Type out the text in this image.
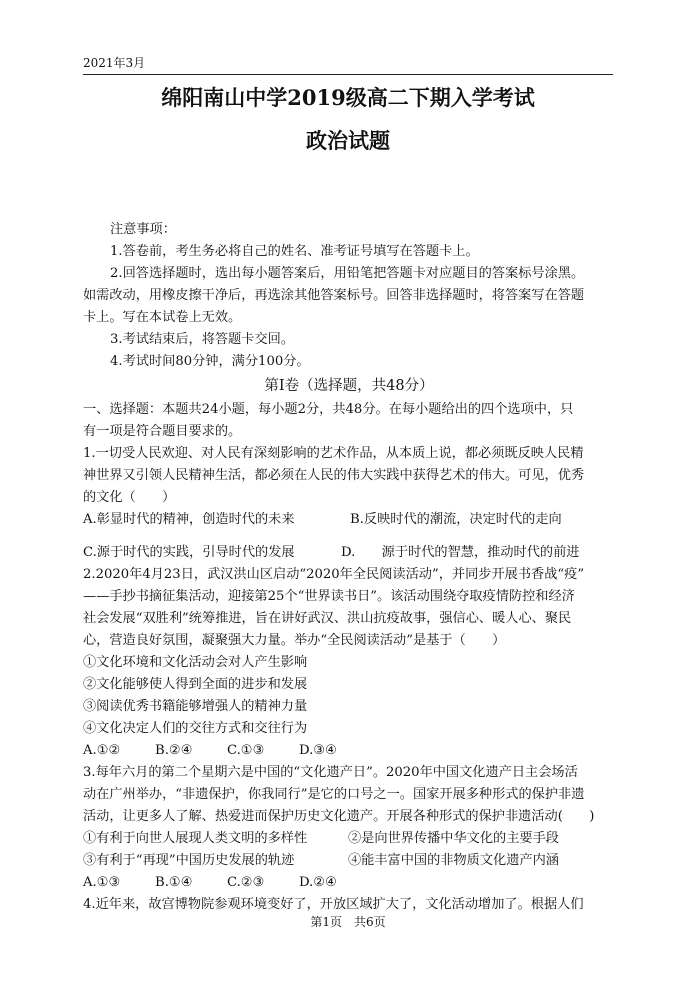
2021年3月
绵阳南山中学2019级高二下期入学考试
政治试题

注意事项：

1.答卷前，考生务必将自己的姓名、准考证号填写在答题卡上。

2.回答选择题时，选出每小题答案后，用铅笔把答题卡对应题目的答案标号涂黑。

如需改动，用橡皮擦干净后，再选涂其他答案标号。回答非选择题时，将答案写在答题

卡上。写在本试卷上无效。

3.考试结束后，将答题卡交回。

4.考试时间80分钟，满分100分。

第Ⅰ卷（选择题，共48分）

一、选择题：本题共24小题，每小题2分，共48分。在每小题给出的四个选项中，只

有一项是符合题目要求的。

1.一切受人民欢迎、对人民有深刻影响的艺术作品，从本质上说，都必须既反映人民精

神世界又引领人民精神生活，都必须在人民的伟大实践中获得艺术的伟大。可见，优秀

的文化（　　）

A.彰显时代的精神，创造时代的未来	B.反映时代的潮流，决定时代的走向
C.源于时代的实践，引导时代的发展	D.　　源于时代的智慧，推动时代的前进

2.2020年4月23日，武汉洪山区启动“2020年全民阅读活动”，并同步开展书香战“疫”

——手抄书摘征集活动，迎接第25个“世界读书日”。该活动围绕夺取疫情防控和经济

社会发展“双胜利”统筹推进，旨在讲好武汉、洪山抗疫故事，强信心、暖人心、聚民

心，营造良好氛围，凝聚强大力量。举办“全民阅读活动”是基于（　　）

①文化环境和文化活动会对人产生影响

②文化能够使人得到全面的进步和发展

③阅读优秀书籍能够增强人的精神力量

④文化决定人们的交往方式和交往行为

A.①②	B.②④	C.①③	D.③④

3.每年六月的第二个星期六是中国的“文化遗产日”。2020年中国文化遗产日主会场活

动在广州举办，“非遗保护，你我同行”是它的口号之一。国家开展多种形式的保护非遗

活动，让更多人了解、热爱进而保护历史文化遗产。开展各种形式的保护非遗活动(　　)

①有利于向世人展现人类文明的多样性	②是向世界传播中华文化的主要手段
③有利于“再现”中国历史发展的轨迹	④能丰富中国的非物质文化遗产内涵
A.①③	B.①④	C.②③	D.②④

4.近年来，故宫博物院参观环境变好了，开放区域扩大了，文化活动增加了。根据人们

第1页　共6页
